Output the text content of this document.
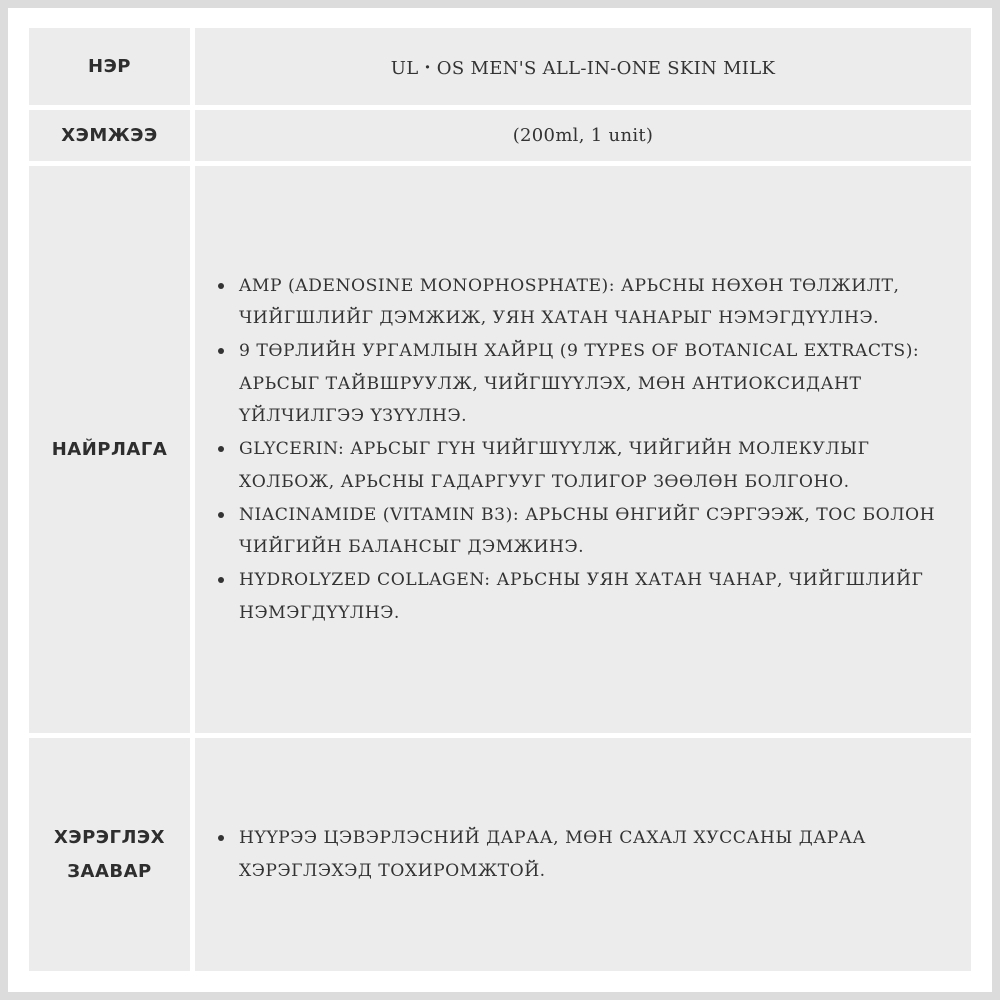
НЭР	UL・OS MEN'S ALL-IN-ONE SKIN MILK
ХЭМЖЭЭ	(200ml, 1 unit)
НАЙРЛАГА
AMP (ADENOSINE MONOPHOSPHATE): АРЬСНЫ НӨХӨН ТӨЛЖИЛТ, ЧИЙГШЛИЙГ ДЭМЖИЖ, УЯН ХАТАН ЧАНАРЫГ НЭМЭГДҮҮЛНЭ.
9 ТӨРЛИЙН УРГАМЛЫН ХАЙРЦ (9 TYPES OF BOTANICAL EXTRACTS): АРЬСЫГ ТАЙВШРУУЛЖ, ЧИЙГШҮҮЛЭХ, МӨН АНТИОКСИДАНТ ҮЙЛЧИЛГЭЭ ҮЗҮҮЛНЭ.
GLYCERIN: АРЬСЫГ ГҮН ЧИЙГШҮҮЛЖ, ЧИЙГИЙН МОЛЕКУЛЫГ ХОЛБОЖ, АРЬСНЫ ГАДАРГУУГ ТОЛИГОР ЗӨӨЛӨН БОЛГОНО.
NIACINAMIDE (VITAMIN B3): АРЬСНЫ ӨНГИЙГ СЭРГЭЭЖ, ТОС БОЛОН ЧИЙГИЙН БАЛАНСЫГ ДЭМЖИНЭ.
HYDROLYZED COLLAGEN: АРЬСНЫ УЯН ХАТАН ЧАНАР, ЧИЙГШЛИЙГ НЭМЭГДҮҮЛНЭ.
ХЭРЭГЛЭХ
ЗААВАР
НҮҮРЭЭ ЦЭВЭРЛЭСНИЙ ДАРАА, МӨН САХАЛ ХУССАНЫ ДАРАА ХЭРЭГЛЭХЭД ТОХИРОМЖТОЙ.
